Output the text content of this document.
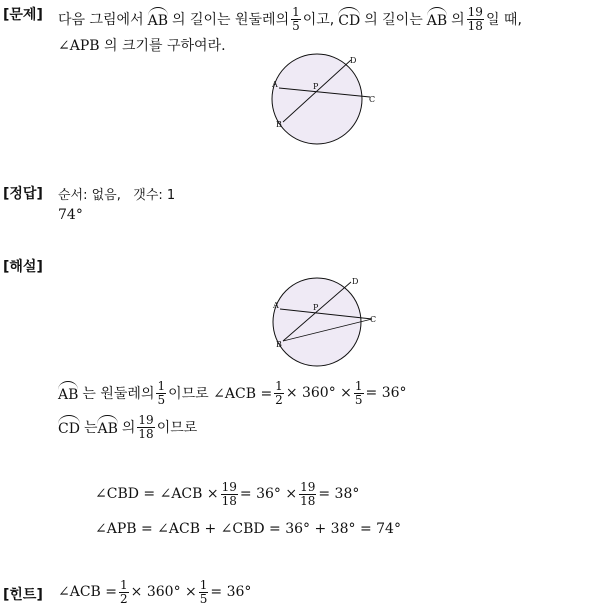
[문제] 다음 그림에서 AB 의 길이는 원둘레의 $\frac{1}{5}$ 이고, CD 의 길이는 AB 의 $\frac{19}{18}$ 일 때,
∠APB 의 크기를 구하여라.
A
B
C
D
P
[정답] 순서: 없음,   갯수: 1
74°
[해설]
A
B
C
D
P
AB 는 원둘레의 $\frac{1}{5}$ 이므로 ∠ACB = $\frac{1}{2} \times 360^\circ \times \frac{1}{5} = 36^\circ$
CD 는 AB 의 $\frac{19}{18}$ 이므로
∠CBD = ∠ACB × $\frac{19}{18} = 36^\circ \times \frac{19}{18} = 38^\circ$
∠APB = ∠ACB + ∠CBD = 36° + 38° = 74°
[힌트] ∠ACB = $\frac{1}{2} \times 360^\circ \times \frac{1}{5} = 36^\circ$
